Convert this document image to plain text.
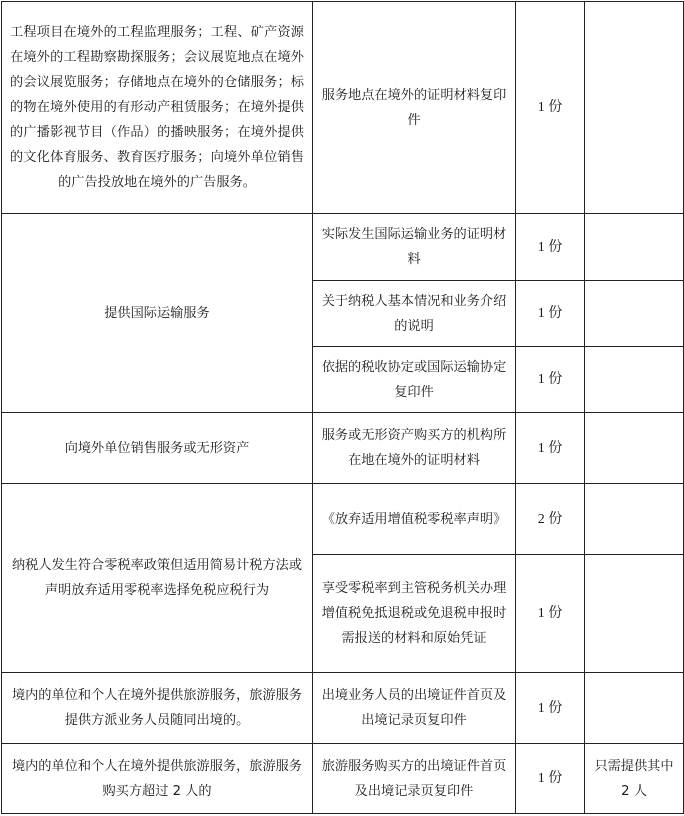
工程项目在境外的工程监理服务；工程、矿产资源在境外的工程勘察勘探服务；会议展览地点在境外的会议展览服务；存储地点在境外的仓储服务；标的物在境外使用的有形动产租赁服务；在境外提供的广播影视节目（作品）的播映服务；在境外提供的文化体育服务、教育医疗服务；向境外单位销售的广告投放地在境外的广告服务。	服务地点在境外的证明材料复印件	1 份	
提供国际运输服务	实际发生国际运输业务的证明材料	1 份	
	关于纳税人基本情况和业务介绍的说明	1 份	
	依据的税收协定或国际运输协定复印件	1 份	
向境外单位销售服务或无形资产	服务或无形资产购买方的机构所在地在境外的证明材料	1 份	
纳税人发生符合零税率政策但适用简易计税方法或声明放弃适用零税率选择免税应税行为	《放弃适用增值税零税率声明》	2 份	
	享受零税率到主管税务机关办理增值税免抵退税或免退税申报时需报送的材料和原始凭证	1 份	
境内的单位和个人在境外提供旅游服务，旅游服务提供方派业务人员随同出境的。	出境业务人员的出境证件首页及出境记录页复印件	1 份	
境内的单位和个人在境外提供旅游服务，旅游服务购买方超过 2 人的	旅游服务购买方的出境证件首页及出境记录页复印件	1 份	只需提供其中 2 人
